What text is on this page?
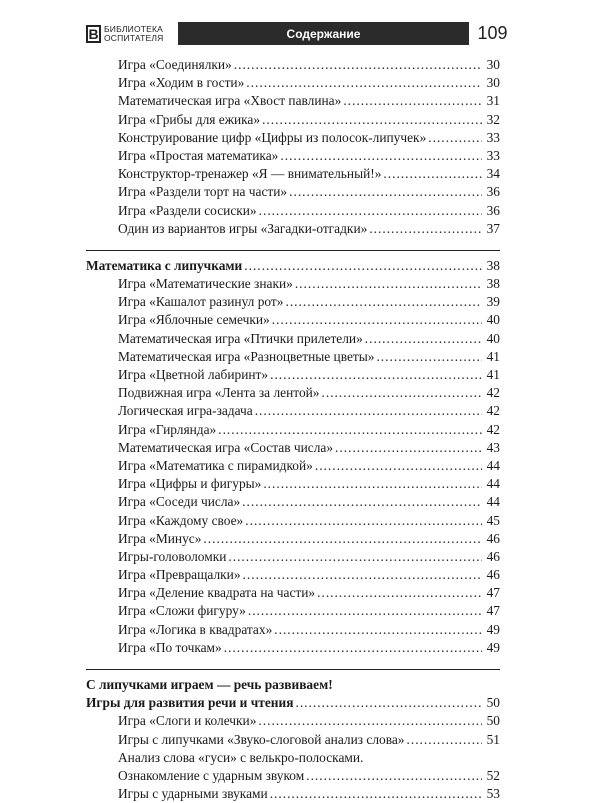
B БИБЛИОТЕКА
ОСПИТАТЕЛЯ	Содержание	109
Игра «Соединялки» .....	30
Игра «Ходим в гости» .....	30
Математическая игра «Хвост павлина» .....	31
Игра «Грибы для ежика» .....	32
Конструирование цифр «Цифры из полосок-липучек» .....	33
Игра «Простая математика» .....	33
Конструктор-тренажер «Я — внимательный!» .....	34
Игра «Раздели торт на части» .....	36
Игра «Раздели сосиски» .....	36
Один из вариантов игры «Загадки-отгадки» .....	37
Математика с липучками .....	38
Игра «Математические знаки» .....	38
Игра «Кашалот разинул рот» .....	39
Игра «Яблочные семечки» .....	40
Математическая игра «Птички прилетели» .....	40
Математическая игра «Разноцветные цветы» .....	41
Игра «Цветной лабиринт» .....	41
Подвижная игра «Лента за лентой» .....	42
Логическая игра-задача .....	42
Игра «Гирлянда» .....	42
Математическая игра «Состав числа» .....	43
Игра «Математика с пирамидкой» .....	44
Игра «Цифры и фигуры» .....	44
Игра «Соседи числа» .....	44
Игра «Каждому свое» .....	45
Игра «Минус» .....	46
Игры-головоломки .....	46
Игра «Превращалки» .....	46
Игра «Деление квадрата на части» .....	47
Игра «Сложи фигуру» .....	47
Игра «Логика в квадратах» .....	49
Игра «По точкам» .....	49
С липучками играем — речь развиваем!
Игры для развития речи и чтения .....	50
Игра «Слоги и колечки» .....	50
Игры с липучками «Звуко-слоговой анализ слова» .....	51
Анализ слова «гуси» с велькро-полосками.
Ознакомление с ударным звуком .....	52
Игры с ударными звуками .....	53
